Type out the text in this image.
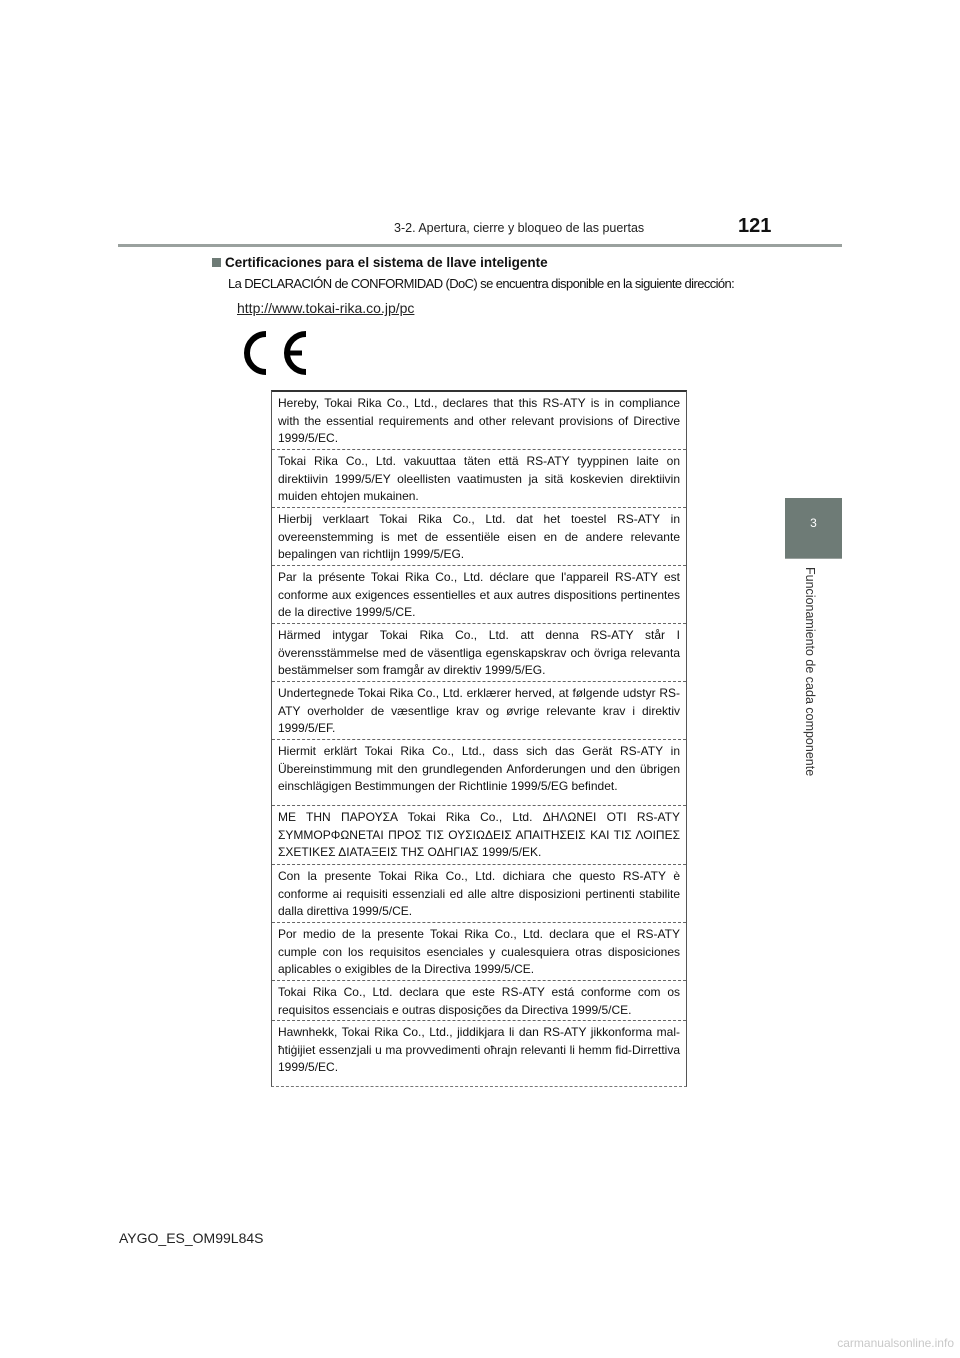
3-2. Apertura, cierre y bloqueo de las puertas	121
3
Funcionamiento de cada componente
Certificaciones para el sistema de llave inteligente
La DECLARACIÓN de CONFORMIDAD (DoC) se encuentra disponible en la siguiente dirección:
http://www.tokai-rika.co.jp/pc
Hereby, Tokai Rika Co., Ltd., declares that this RS-ATY is in compliance with the essential requirements and other relevant provisions of Directive 1999/5/EC.
Tokai Rika Co., Ltd. vakuuttaa täten että RS-ATY tyyppinen laite on direktiivin 1999/5/EY oleellisten vaatimusten ja sitä koskevien direktiivin muiden ehtojen mukainen.
Hierbij verklaart Tokai Rika Co., Ltd. dat het toestel RS-ATY in overeenstemming is met de essentiële eisen en de andere relevante bepalingen van richtlijn 1999/5/EG.
Par la présente Tokai Rika Co., Ltd. déclare que l'appareil RS-ATY est conforme aux exigences essentielles et aux autres dispositions pertinentes de la directive 1999/5/CE.
Härmed intygar Tokai Rika Co., Ltd. att denna RS-ATY står I överensstämmelse med de väsentliga egenskapskrav och övriga relevanta bestämmelser som framgår av direktiv 1999/5/EG.
Undertegnede Tokai Rika Co., Ltd. erklærer herved, at følgende udstyr RS-ATY overholder de væsentlige krav og øvrige relevante krav i direktiv 1999/5/EF.
Hiermit erklärt Tokai Rika Co., Ltd., dass sich das Gerät RS-ATY in Übereinstimmung mit den grundlegenden Anforderungen und den übrigen einschlägigen Bestimmungen der Richtlinie 1999/5/EG befindet.
ΜΕ ΤΗΝ ΠΑΡΟΥΣΑ Tokai Rika Co., Ltd. ΔΗΛΩΝΕΙ ΟΤΙ RS-ATY ΣΥΜΜΟΡΦΩΝΕΤΑΙ ΠΡΟΣ ΤΙΣ ΟΥΣΙΩΔΕΙΣ ΑΠΑΙΤΗΣΕΙΣ ΚΑΙ ΤΙΣ ΛΟΙΠΕΣ ΣΧΕΤΙΚΕΣ ΔΙΑΤΑΞΕΙΣ ΤΗΣ ΟΔΗΓΙΑΣ 1999/5/ΕΚ.
Con la presente Tokai Rika Co., Ltd. dichiara che questo RS-ATY è conforme ai requisiti essenziali ed alle altre disposizioni pertinenti stabilite dalla direttiva 1999/5/CE.
Por medio de la presente Tokai Rika Co., Ltd. declara que el RS-ATY cumple con los requisitos esenciales y cualesquiera otras disposiciones aplicables o exigibles de la Directiva 1999/5/CE.
Tokai Rika Co., Ltd. declara que este RS-ATY está conforme com os requisitos essenciais e outras disposições da Directiva 1999/5/CE.
Hawnhekk, Tokai Rika Co., Ltd., jiddikjara li dan RS-ATY jikkonforma mal-ħtiġijiet essenzjali u ma provvedimenti oħrajn relevanti li hemm fid-Dirrettiva 1999/5/EC.
AYGO_ES_OM99L84S
carmanualsonline.info
